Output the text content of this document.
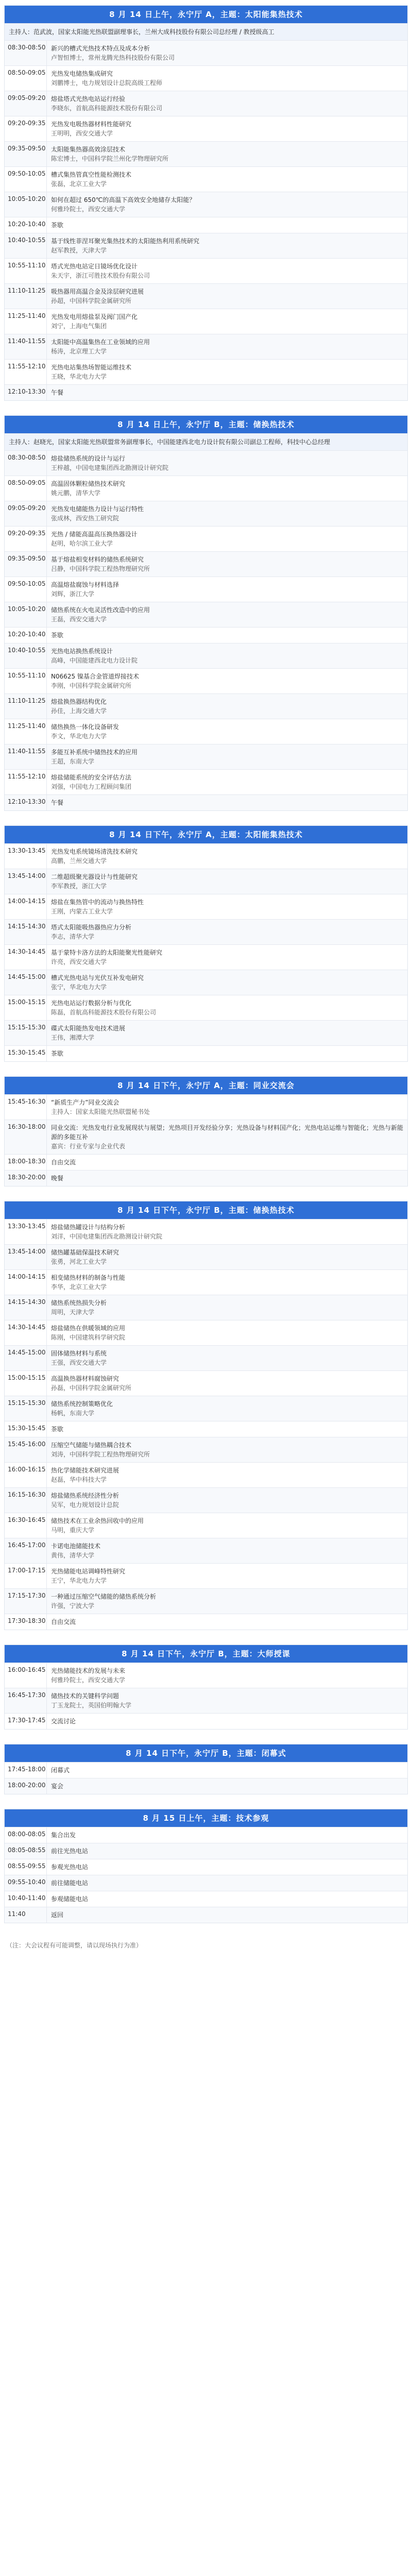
8 月 14 日上午，永宁厅 A，主题：太阳能集热技术
主持人：范武波，国家太阳能光热联盟副理事长，兰州大成科技股份有限公司总经理 / 教授级高工
08:30-08:50 新兴的槽式光热技术特点及成本分析
卢智恒博士，常州龙腾光热科技股份有限公司
08:50-09:05 光热发电储热集成研究
刘鹏博士，电力规划设计总院高级工程师
09:05-09:20 熔盐塔式光热电站运行经验
李晓东，首航高科能源技术股份有限公司
09:20-09:35 光热发电吸热器材料性能研究
王明明，西安交通大学
09:35-09:50 太阳能集热器高效涂层技术
陈宏博士，中国科学院兰州化学物理研究所
09:50-10:05 槽式集热管真空性能检测技术
张磊，北京工业大学
10:05-10:20 如何在超过 650℃的高温下高效安全地储存太阳能？
何雅玲院士，西安交通大学
10:20-10:40 茶歇
10:40-10:55 基于线性菲涅耳聚光集热技术的太阳能热利用系统研究
赵军教授，天津大学
10:55-11:10 塔式光热电站定日镜场优化设计
朱天宇，浙江可胜技术股份有限公司
11:10-11:25 吸热器用高温合金及涂层研究进展
孙超，中国科学院金属研究所
11:25-11:40 光热发电用熔盐泵及阀门国产化
刘宁，上海电气集团
11:40-11:55 太阳能中高温集热在工业领域的应用
杨涛，北京理工大学
11:55-12:10 光热电站集热场智能运维技术
王晓，华北电力大学
12:10-13:30 午餐
8 月 14 日上午，永宁厅 B，主题：储换热技术
主持人：赵晓光，国家太阳能光热联盟常务副理事长，中国能建西北电力设计院有限公司副总工程师，科技中心总经理
08:30-08:50 熔盐储热系统的设计与运行
王梓越，中国电建集团西北勘测设计研究院
08:50-09:05 高温固体颗粒储热技术研究
姚元鹏，清华大学
09:05-09:20 光热发电储能热力设计与运行特性
张成林，西安热工研究院
09:20-09:35 光热 / 储能高温高压换热器设计
赵明，哈尔滨工业大学
09:35-09:50 基于熔盐相变材料的储热系统研究
吕静，中国科学院工程热物理研究所
09:50-10:05 高温熔盐腐蚀与材料选择
刘辉，浙江大学
10:05-10:20 储热系统在火电灵活性改造中的应用
王磊，西安交通大学
10:20-10:40 茶歇
10:40-10:55 光热电站换热系统设计
高峰，中国能建西北电力设计院
10:55-11:10 N06625 镍基合金管道焊接技术
李刚，中国科学院金属研究所
11:10-11:25 熔盐换热器结构优化
孙佳，上海交通大学
11:25-11:40 储热换热一体化设备研发
李文，华北电力大学
11:40-11:55 多能互补系统中储热技术的应用
王超，东南大学
11:55-12:10 熔盐储能系统的安全评估方法
刘强，中国电力工程顾问集团
12:10-13:30 午餐
8 月 14 日下午，永宁厅 A，主题：太阳能集热技术
13:30-13:45 光热发电系统镜场清洗技术研究
高鹏，兰州交通大学
13:45-14:00 二维超级聚光器设计与性能研究
李军教授，浙江大学
14:00-14:15 熔盐在集热管中的流动与换热特性
王刚，内蒙古工业大学
14:15-14:30 塔式太阳能吸热器热应力分析
李志，清华大学
14:30-14:45 基于蒙特卡洛方法的太阳能聚光性能研究
许亮，西安交通大学
14:45-15:00 槽式光热电站与光伏互补发电研究
张宁，华北电力大学
15:00-15:15 光热电站运行数据分析与优化
陈磊，首航高科能源技术股份有限公司
15:15-15:30 碟式太阳能热发电技术进展
王伟，湘潭大学
15:30-15:45 茶歇
8 月 14 日下午，永宁厅 A，主题：同业交流会
15:45-16:30 “新质生产力”同业交流会
主持人：国家太阳能光热联盟秘书处
16:30-18:00 同业交流：光热发电行业发展现状与展望；光热项目开发经验分享；光热设备与材料国产化；光热电站运维与智能化；光热与新能源的多能互补
嘉宾：行业专家与企业代表
18:00-18:30 自由交流
18:30-20:00 晚餐
8 月 14 日下午，永宁厅 B，主题：储换热技术
13:30-13:45 熔盐储热罐设计与结构分析
刘洋，中国电建集团西北勘测设计研究院
13:45-14:00 储热罐基础保温技术研究
张勇，河北工业大学
14:00-14:15 相变储热材料的制备与性能
李华，北京工业大学
14:15-14:30 储热系统热损失分析
周明，天津大学
14:30-14:45 熔盐储热在供暖领域的应用
陈刚，中国建筑科学研究院
14:45-15:00 固体储热材料与系统
王强，西安交通大学
15:00-15:15 高温换热器材料腐蚀研究
孙磊，中国科学院金属研究所
15:15-15:30 储热系统控制策略优化
杨帆，东南大学
15:30-15:45 茶歇
15:45-16:00 压缩空气储能与储热耦合技术
刘涛，中国科学院工程热物理研究所
16:00-16:15 热化学储能技术研究进展
赵磊，华中科技大学
16:15-16:30 熔盐储热系统经济性分析
吴军，电力规划设计总院
16:30-16:45 储热技术在工业余热回收中的应用
马明，重庆大学
16:45-17:00 卡诺电池储能技术
黄伟，清华大学
17:00-17:15 光热储能电站调峰特性研究
王宁，华北电力大学
17:15-17:30 一种通过压缩空气储能的储热系统分析
许强，宁波大学
17:30-18:30 自由交流
8 月 14 日下午，永宁厅 B，主题：大师授课
16:00-16:45 光热储能技术的发展与未来
何雅玲院士，西安交通大学
16:45-17:30 储热技术的关键科学问题
丁玉龙院士，英国伯明翰大学
17:30-17:45 交流讨论
8 月 14 日下午，永宁厅 B，主题：闭幕式
17:45-18:00 闭幕式
18:00-20:00 宴会
8 月 15 日上午，主题：技术参观
08:00-08:05 集合出发
08:05-08:55 前往光热电站
08:55-09:55 参观光热电站
09:55-10:40 前往储能电站
10:40-11:40 参观储能电站
11:40	返回
（注：大会议程有可能调整，请以现场执行为准）
